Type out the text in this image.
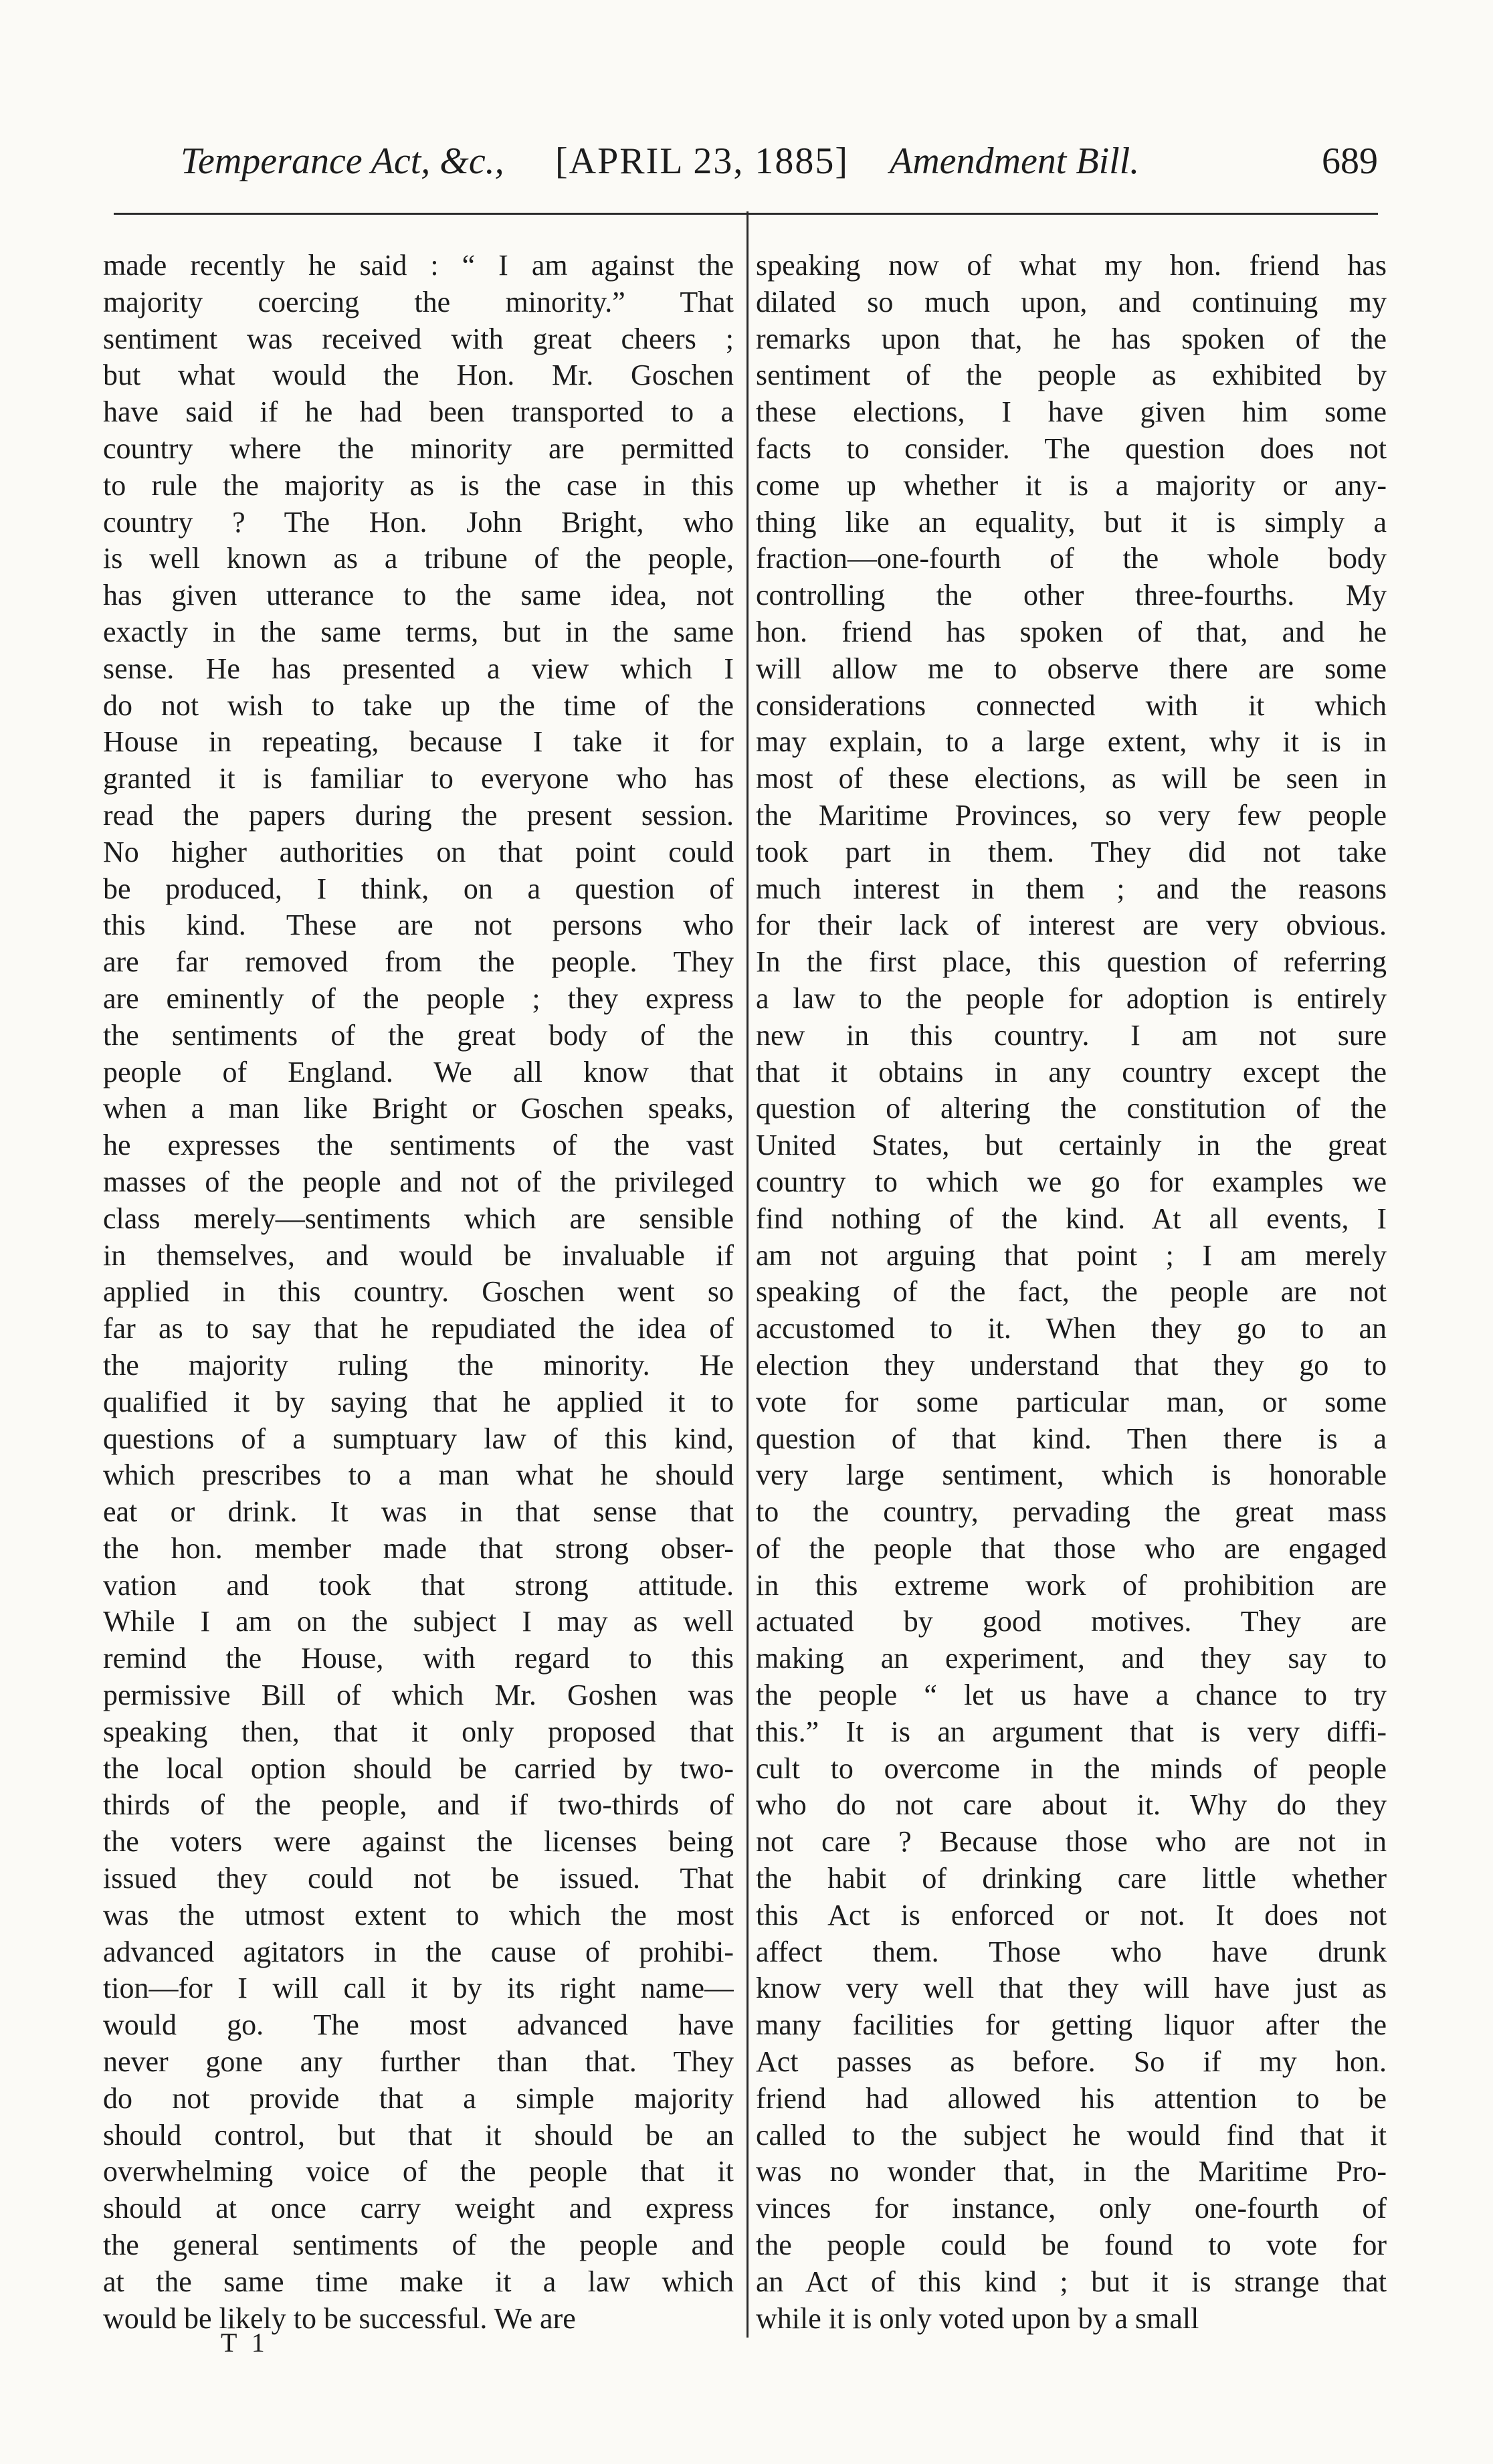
Temperance Act, &c., [APRIL 23, 1885] Amendment Bill.	689
made recently he said : “ I am against the
majority coercing the minority.” That
sentiment was received with great cheers ;
but what would the Hon. Mr. Goschen
have said if he had been transported to a
country where the minority are permitted
to rule the majority as is the case in this
country ? The Hon. John Bright, who
is well known as a tribune of the people,
has given utterance to the same idea, not
exactly in the same terms, but in the same
sense. He has presented a view which I
do not wish to take up the time of the
House in repeating, because I take it for
granted it is familiar to everyone who has
read the papers during the present session.
No higher authorities on that point could
be produced, I think, on a question of
this kind. These are not persons who
are far removed from the people. They
are eminently of the people ; they express
the sentiments of the great body of the
people of England. We all know that
when a man like Bright or Goschen speaks,
he expresses the sentiments of the vast
masses of the people and not of the privileged
class merely—sentiments which are sensible
in themselves, and would be invaluable if
applied in this country. Goschen went so
far as to say that he repudiated the idea of
the majority ruling the minority. He
qualified it by saying that he applied it to
questions of a sumptuary law of this kind,
which prescribes to a man what he should
eat or drink. It was in that sense that
the hon. member made that strong obser-
vation and took that strong attitude.
While I am on the subject I may as well
remind the House, with regard to this
permissive Bill of which Mr. Goshen was
speaking then, that it only proposed that
the local option should be carried by two-
thirds of the people, and if two-thirds of
the voters were against the licenses being
issued they could not be issued. That
was the utmost extent to which the most
advanced agitators in the cause of prohibi-
tion—for I will call it by its right name—
would go. The most advanced have
never gone any further than that. They
do not provide that a simple majority
should control, but that it should be an
overwhelming voice of the people that it
should at once carry weight and express
the general sentiments of the people and
at the same time make it a law which
would be likely to be successful. We are
speaking now of what my hon. friend has
dilated so much upon, and continuing my
remarks upon that, he has spoken of the
sentiment of the people as exhibited by
these elections, I have given him some
facts to consider. The question does not
come up whether it is a majority or any-
thing like an equality, but it is simply a
fraction—one-fourth of the whole body
controlling the other three-fourths. My
hon. friend has spoken of that, and he
will allow me to observe there are some
considerations connected with it which
may explain, to a large extent, why it is in
most of these elections, as will be seen in
the Maritime Provinces, so very few people
took part in them. They did not take
much interest in them ; and the reasons
for their lack of interest are very obvious.
In the first place, this question of referring
a law to the people for adoption is entirely
new in this country. I am not sure
that it obtains in any country except the
question of altering the constitution of the
United States, but certainly in the great
country to which we go for examples we
find nothing of the kind. At all events, I
am not arguing that point ; I am merely
speaking of the fact, the people are not
accustomed to it. When they go to an
election they understand that they go to
vote for some particular man, or some
question of that kind. Then there is a
very large sentiment, which is honorable
to the country, pervading the great mass
of the people that those who are engaged
in this extreme work of prohibition are
actuated by good motives. They are
making an experiment, and they say to
the people “ let us have a chance to try
this.” It is an argument that is very diffi-
cult to overcome in the minds of people
who do not care about it. Why do they
not care ? Because those who are not in
the habit of drinking care little whether
this Act is enforced or not. It does not
affect them. Those who have drunk
know very well that they will have just as
many facilities for getting liquor after the
Act passes as before. So if my hon.
friend had allowed his attention to be
called to the subject he would find that it
was no wonder that, in the Maritime Pro-
vinces for instance, only one-fourth of
the people could be found to vote for
an Act of this kind ; but it is strange that
while it is only voted upon by a small
T 1
